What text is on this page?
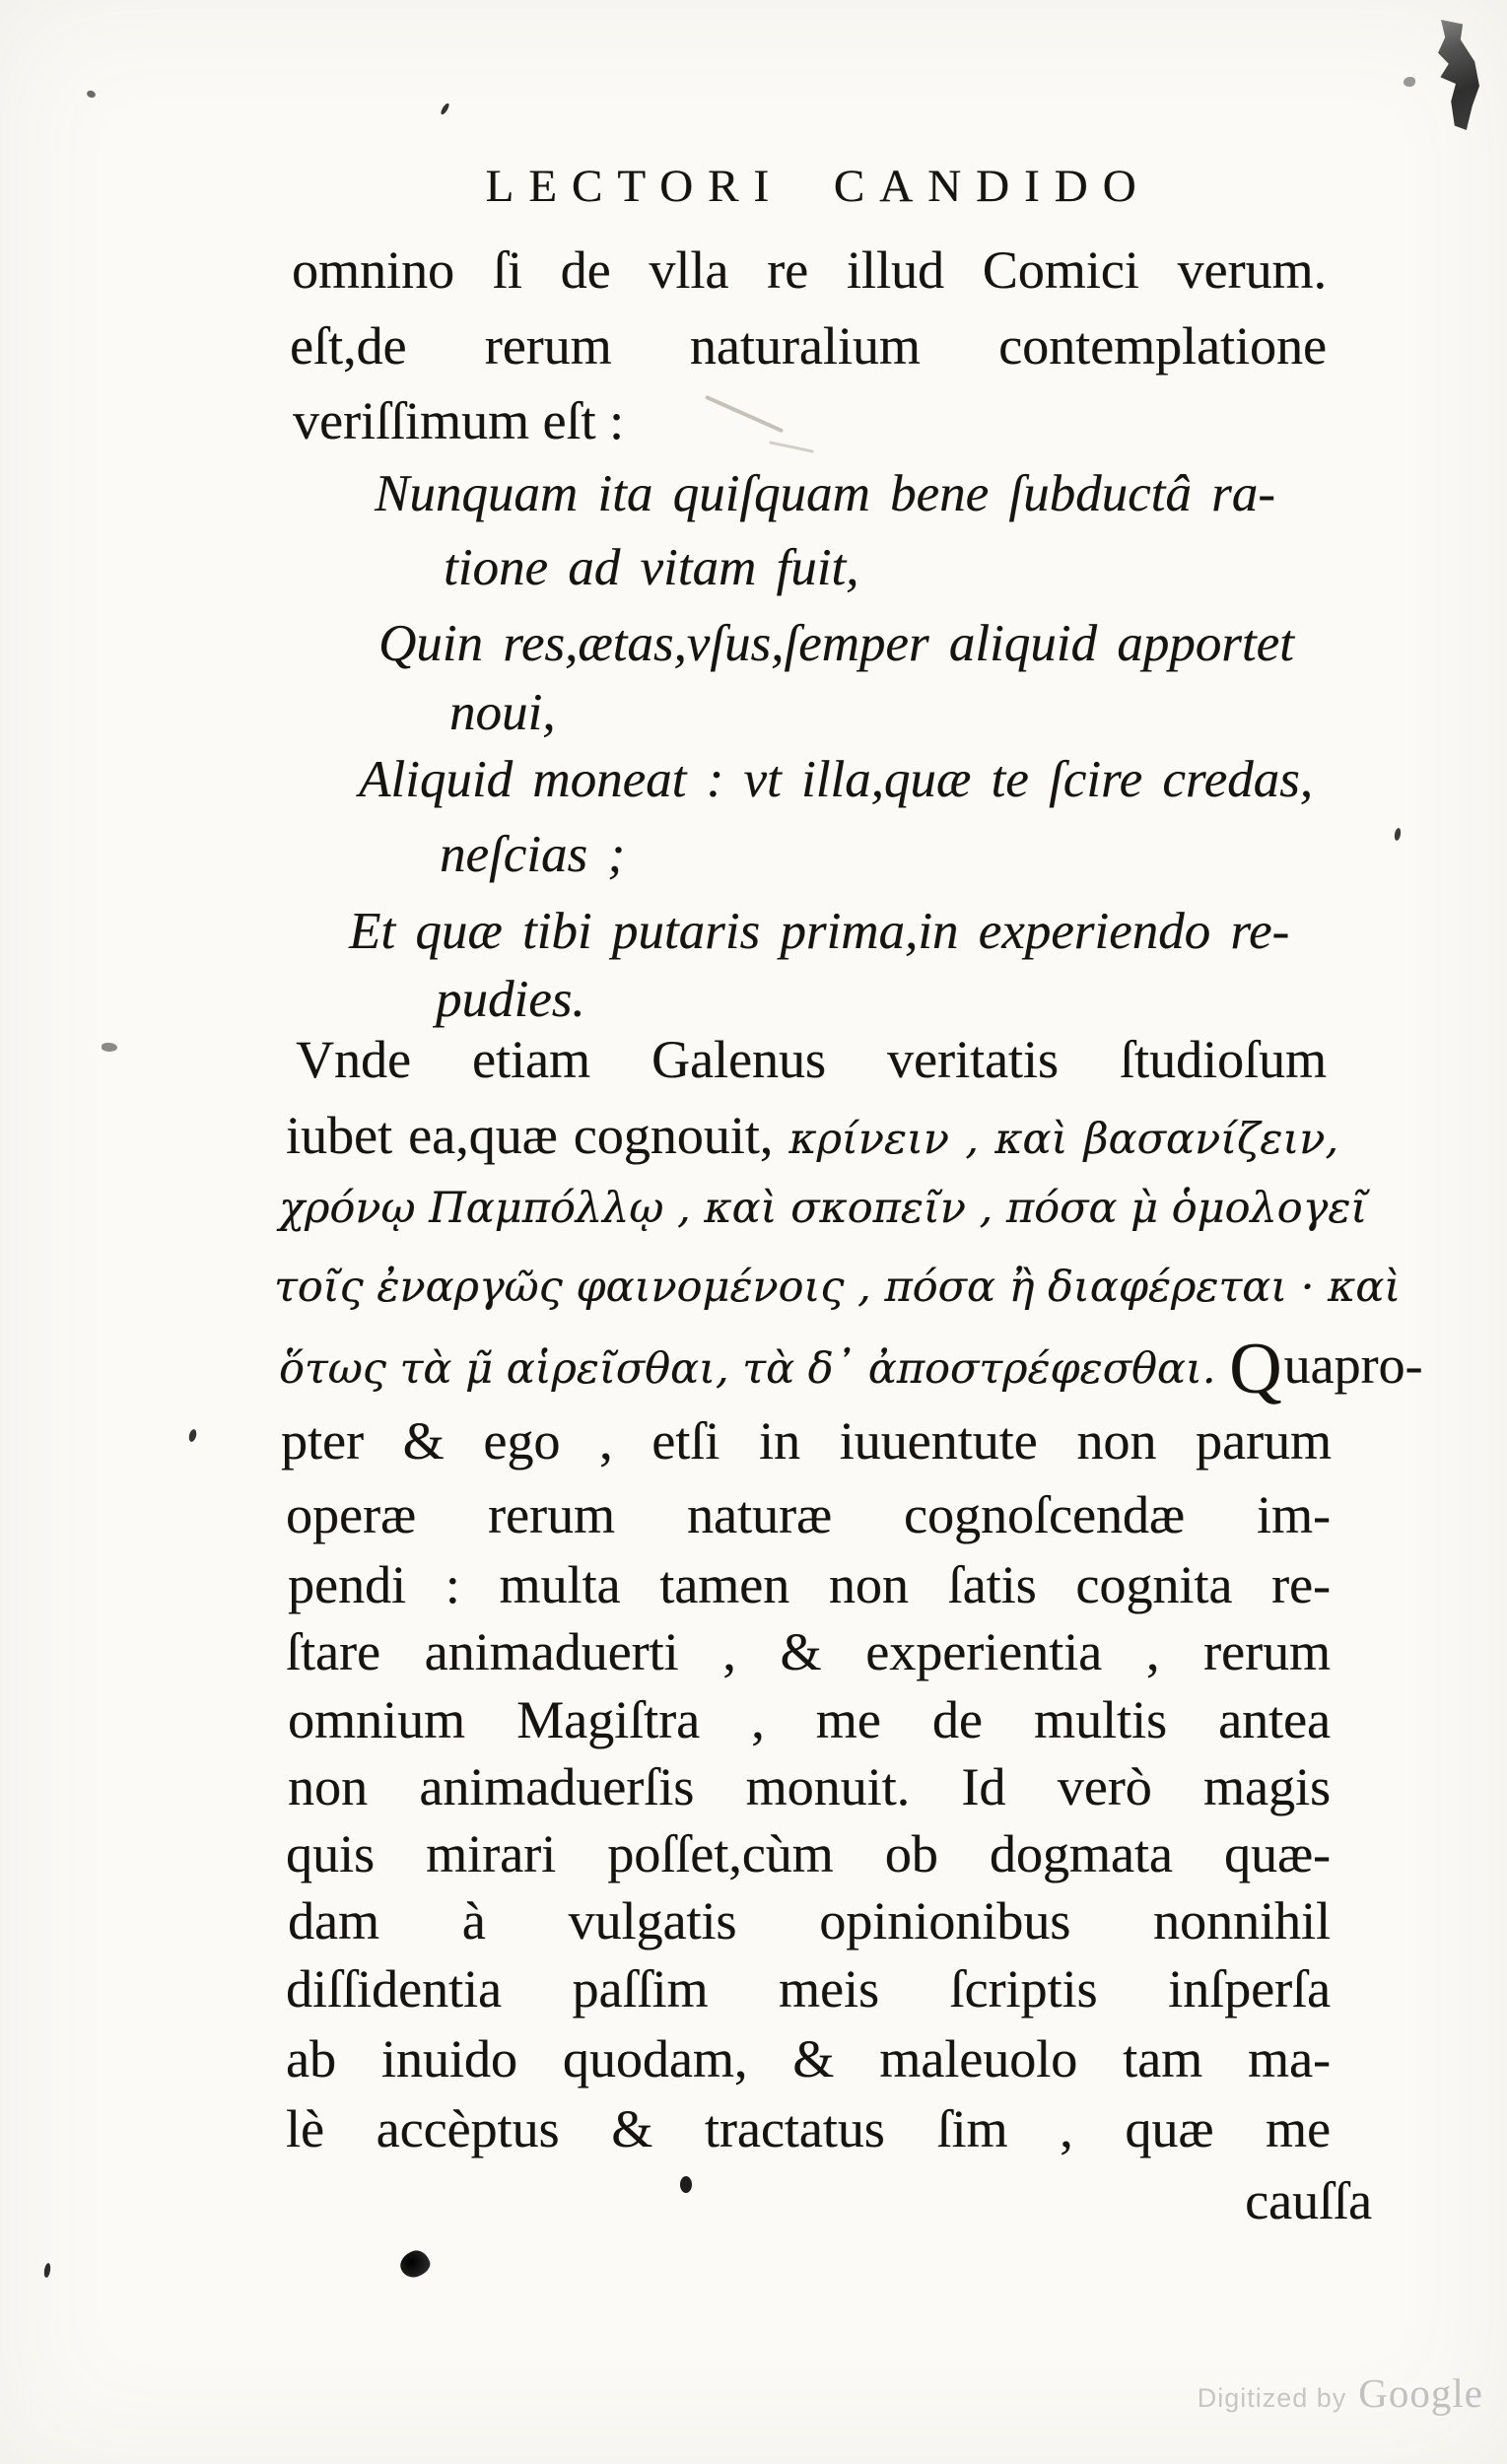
LECTORI CANDIDO
omnino ſi de vlla re illud Comici verum.
eſt,de rerum naturalium contemplatione
veriſſimum eſt :
Nunquam ita quiſquam bene ſubductâ ra-
tione ad vitam fuit,
Quin res,ætas,vſus,ſemper aliquid apportet
noui,
Aliquid moneat : vt illa,quæ te ſcire credas,
neſcias ;
Et quæ tibi putaris prima,in experiendo re-
pudies.
Vnde etiam Galenus veritatis ſtudioſum
iubet ea,quæ cognouit, κρίνειν , καὶ βασανίζειν,
χρόνῳ Παμπόλλῳ , καὶ σκοπεῖν , πόσα μ̀ ὁμολογεῖ
τοῖς ἐναργῶς φαινομένοις , πόσα ἢ διαφέρεται · καὶ
ὅτως τὰ μ̃ αἱρεῖσθαι, τὰ δ᾽ ἀποστρέφεσθαι. Quapro-
pter & ego , etſi in iuuentute non parum
operæ rerum naturæ cognoſcendæ im-
pendi : multa tamen non ſatis cognita re-
ſtare animaduerti , & experientia , rerum
omnium Magiſtra , me de multis antea
non animaduerſis monuit. Id verò magis
quis mirari poſſet,cùm ob dogmata quæ-
dam à vulgatis opinionibus nonnihil
diſſidentia paſſim meis ſcriptis inſperſa
ab inuido quodam, & maleuolo tam ma-
lè accèptus & tractatus ſim , quæ me
cauſſa
Digitized by Google
